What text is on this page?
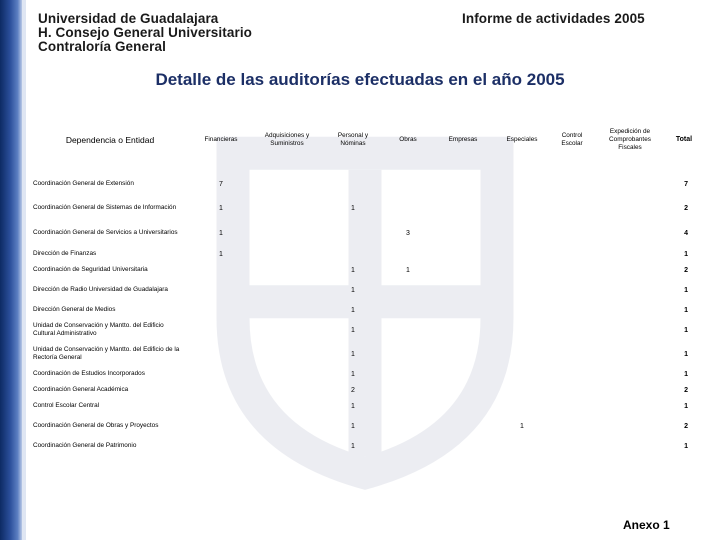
Universidad de Guadalajara
H. Consejo General Universitario
Contraloría General
Informe de actividades 2005
Detalle de las auditorías efectuadas en el año 2005
Dependencia o Entidad	Financieras	Adquisiciones y Suministros	Personal y Nóminas	Obras	Empresas	Especiales	Control Escolar	Expedición de Comprobantes Fiscales	Total
Coordinación General de Extensión	7								7
Coordinación General de Sistemas de Información	1		1						2
Coordinación General de Servicios a Universitarios	1			3					4
Dirección de Finanzas	1								1
Coordinación de Seguridad Universitaria			1	1					2
Dirección de Radio Universidad de Guadalajara			1						1
Dirección General de Medios			1						1
Unidad de Conservación y Mantto. del Edificio Cultural Administrativo			1						1
Unidad de Conservación y Mantto. del Edificio de la Rectoría General			1						1
Coordinación de Estudios Incorporados			1						1
Coordinación General Académica			2						2
Control Escolar Central			1						1
Coordinación General de Obras y Proyectos			1			1			2
Coordinación General de Patrimonio			1						1
Anexo 1
